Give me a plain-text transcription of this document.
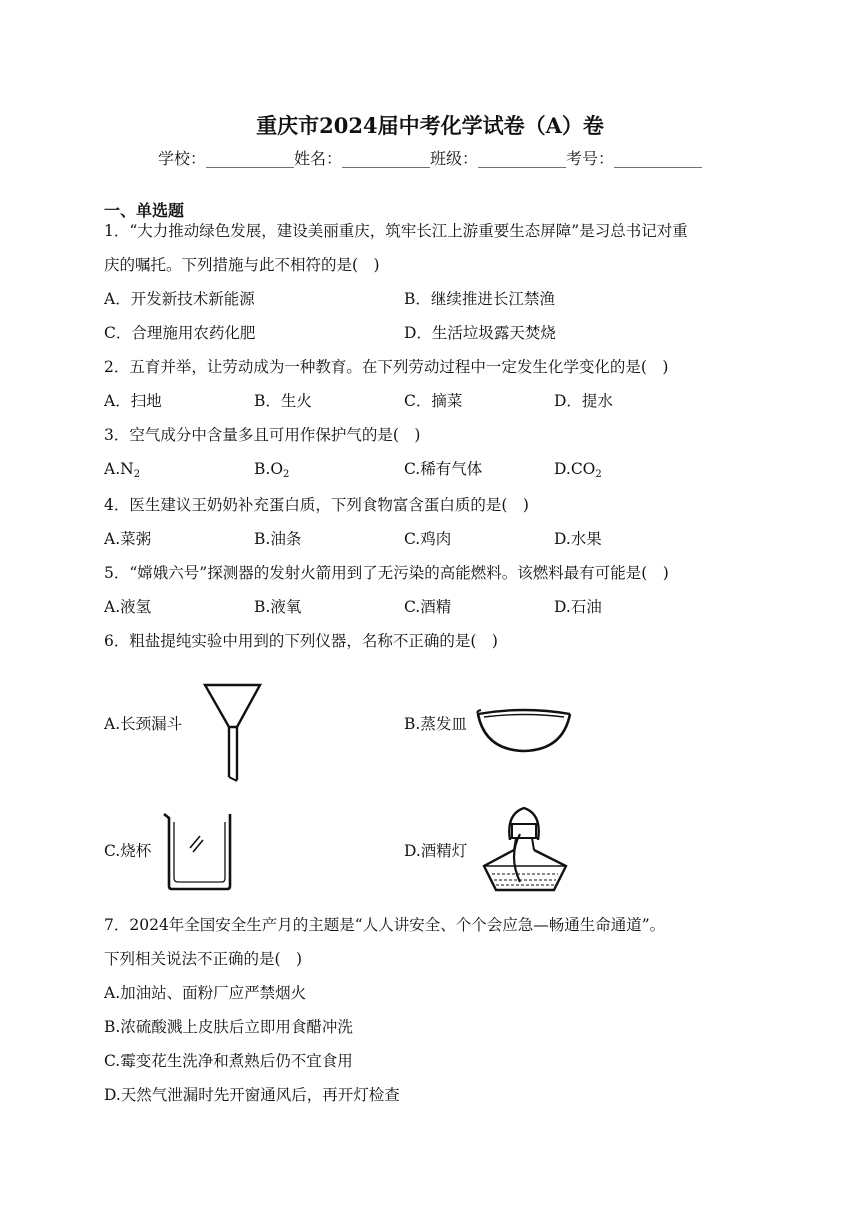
重庆市2024届中考化学试卷（A）卷
学校：___________姓名：___________班级：___________考号：___________
一、单选题
1．“大力推动绿色发展，建设美丽重庆，筑牢长江上游重要生态屏障”是习总书记对重
庆的嘱托。下列措施与此不相符的是(　)
A．开发新技术新能源	B．继续推进长江禁渔
C．合理施用农药化肥	D．生活垃圾露天焚烧
2．五育并举，让劳动成为一种教育。在下列劳动过程中一定发生化学变化的是(　)
A．扫地	B．生火	C．摘菜	D．提水
3．空气成分中含量多且可用作保护气的是(　)
$A.N_2$	$B.O_2$	C.稀有气体	$D.CO_2$
4．医生建议王奶奶补充蛋白质，下列食物富含蛋白质的是(　)
A.菜粥	B.油条	C.鸡肉	D.水果
5．“嫦娥六号”探测器的发射火箭用到了无污染的高能燃料。该燃料最有可能是(　)
A.液氢	B.液氧	C.酒精	D.石油
6．粗盐提纯实验中用到的下列仪器，名称不正确的是(　)
A.长颈漏斗	B.蒸发皿
C.烧杯	D.酒精灯
7．2024年全国安全生产月的主题是“人人讲安全、个个会应急—畅通生命通道”。
下列相关说法不正确的是(　)
A.加油站、面粉厂应严禁烟火
B.浓硫酸溅上皮肤后立即用食醋冲洗
C.霉变花生洗净和煮熟后仍不宜食用
D.天然气泄漏时先开窗通风后，再开灯检查
